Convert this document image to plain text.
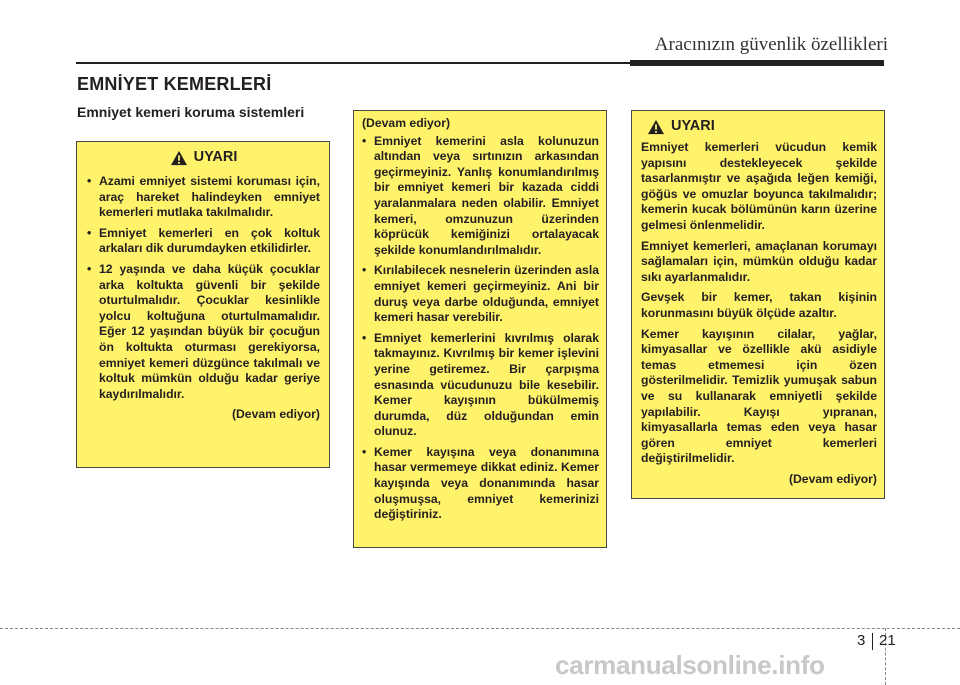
Aracınızın güvenlik özellikleri
EMNİYET KEMERLERİ
Emniyet kemeri koruma sistemleri
UYARI
• Azami emniyet sistemi koruması için, araç hareket halindeyken emniyet kemerleri mutlaka takılmalıdır.
• Emniyet kemerleri en çok koltuk arkaları dik durumdayken etkilidirler.
• 12 yaşında ve daha küçük çocuklar arka koltukta güvenli bir şekilde oturtulmalıdır. Çocuklar kesinlikle yolcu koltuğuna oturtulmamalıdır. Eğer 12 yaşından büyük bir çocuğun ön koltukta oturması gerekiyorsa, emniyet kemeri düzgünce takılmalı ve koltuk mümkün olduğu kadar geriye kaydırılmalıdır.
(Devam ediyor)
(Devam ediyor)
• Emniyet kemerini asla kolunuzun altından veya sırtınızın arkasından geçirmeyiniz. Yanlış konumlandırılmış bir emniyet kemeri bir kazada ciddi yaralanmalara neden olabilir. Emniyet kemeri, omzunuzun üzerinden köprücük kemiğinizi ortalayacak şekilde konumlandırılmalıdır.
• Kırılabilecek nesnelerin üzerinden asla emniyet kemeri geçirmeyiniz. Ani bir duruş veya darbe olduğunda, emniyet kemeri hasar verebilir.
• Emniyet kemerlerini kıvrılmış olarak takmayınız. Kıvrılmış bir kemer işlevini yerine getiremez. Bir çarpışma esnasında vücudunuzu bile kesebilir. Kemer kayışının bükülmemiş durumda, düz olduğundan emin olunuz.
• Kemer kayışına veya donanımına hasar vermemeye dikkat ediniz. Kemer kayışında veya donanımında hasar oluşmuşsa, emniyet kemerinizi değiştiriniz.
UYARI

Emniyet kemerleri vücudun kemik yapısını destekleyecek şekilde tasarlanmıştır ve aşağıda leğen kemiği, göğüs ve omuzlar boyunca takılmalıdır; kemerin kucak bölümünün karın üzerine gelmesi önlenmelidir.

Emniyet kemerleri, amaçlanan korumayı sağlamaları için, mümkün olduğu kadar sıkı ayarlanmalıdır.

Gevşek bir kemer, takan kişinin korunmasını büyük ölçüde azaltır.

Kemer kayışının cilalar, yağlar, kimyasallar ve özellikle akü asidiyle temas etmemesi için özen gösterilmelidir. Temizlik yumuşak sabun ve su kullanarak emniyetli şekilde yapılabilir. Kayışı yıpranan, kimyasallarla temas eden veya hasar gören emniyet kemerleri değiştirilmelidir.

(Devam ediyor)
3 21
carmanualsonline.info
